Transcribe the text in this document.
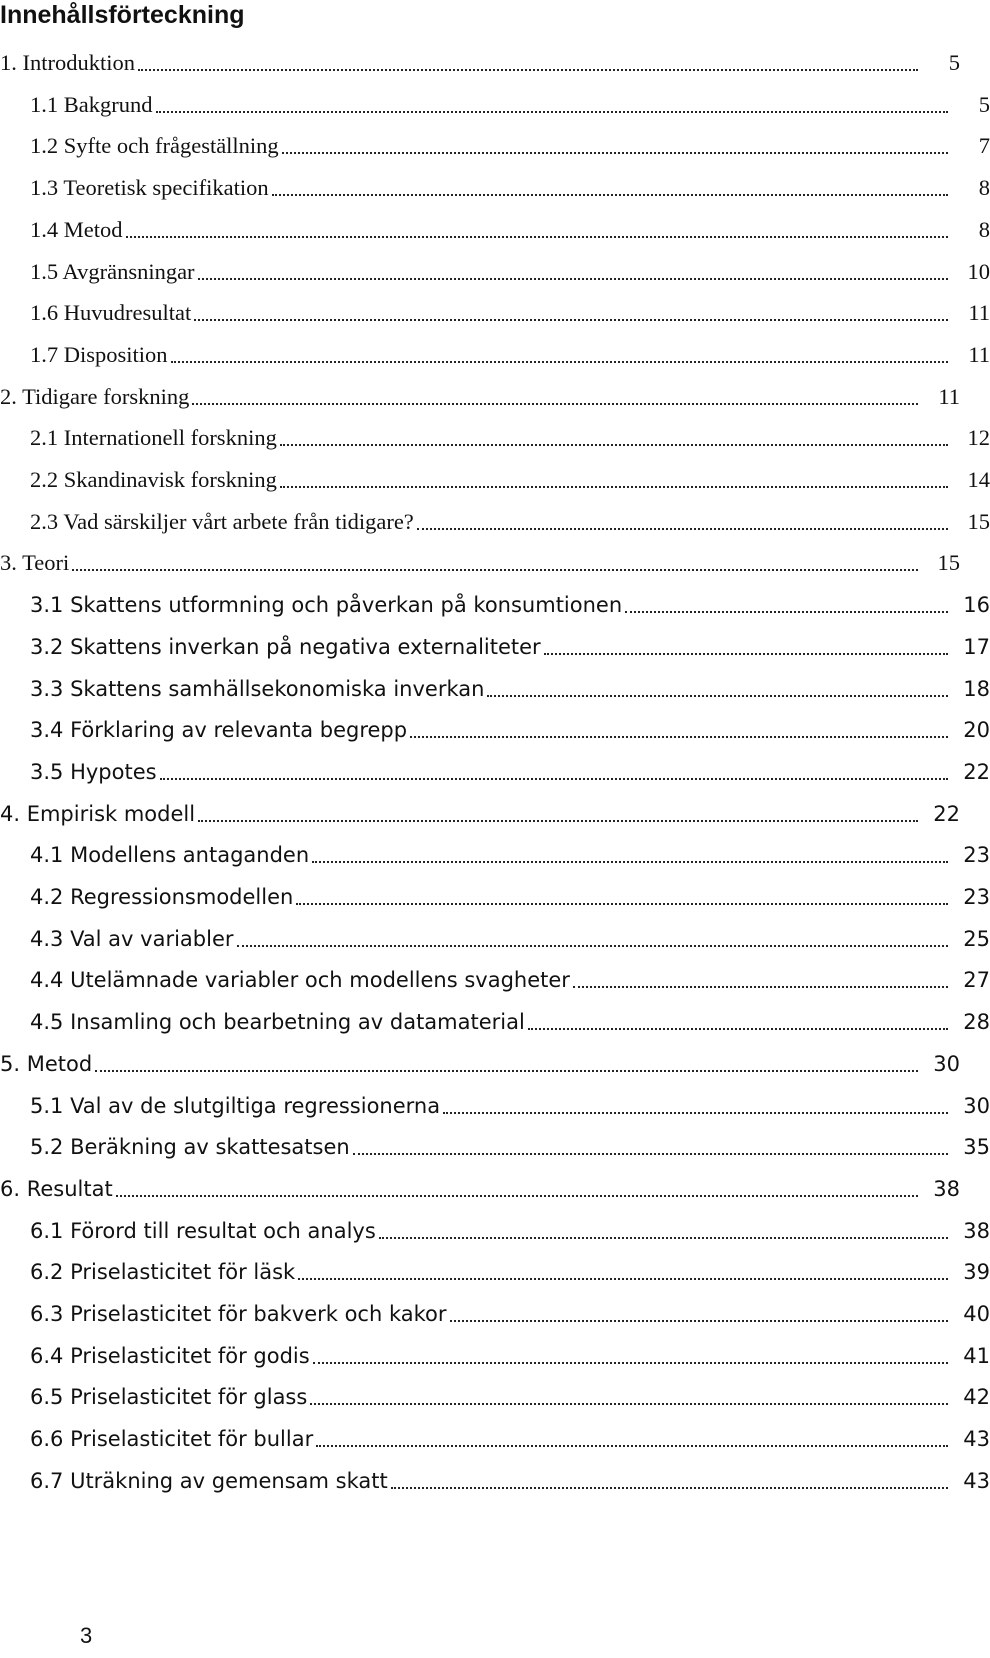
Innehållsförteckning
1. Introduktion	5
1.1 Bakgrund	5
1.2 Syfte och frågeställning	7
1.3 Teoretisk specifikation	8
1.4 Metod	8
1.5 Avgränsningar	10
1.6 Huvudresultat	11
1.7 Disposition	11
2. Tidigare forskning	11
2.1 Internationell forskning	12
2.2 Skandinavisk forskning	14
2.3 Vad särskiljer vårt arbete från tidigare?	15
3. Teori	15
3.1 Skattens utformning och påverkan på konsumtionen	16
3.2 Skattens inverkan på negativa externaliteter	17
3.3 Skattens samhällsekonomiska inverkan	18
3.4 Förklaring av relevanta begrepp	20
3.5 Hypotes	22
4. Empirisk modell	22
4.1 Modellens antaganden	23
4.2 Regressionsmodellen	23
4.3 Val av variabler	25
4.4 Utelämnade variabler och modellens svagheter	27
4.5 Insamling och bearbetning av datamaterial	28
5. Metod	30
5.1 Val av de slutgiltiga regressionerna	30
5.2 Beräkning av skattesatsen	35
6. Resultat	38
6.1 Förord till resultat och analys	38
6.2 Priselasticitet för läsk	39
6.3 Priselasticitet för bakverk och kakor	40
6.4 Priselasticitet för godis	41
6.5 Priselasticitet för glass	42
6.6 Priselasticitet för bullar	43
6.7 Uträkning av gemensam skatt	43
3
